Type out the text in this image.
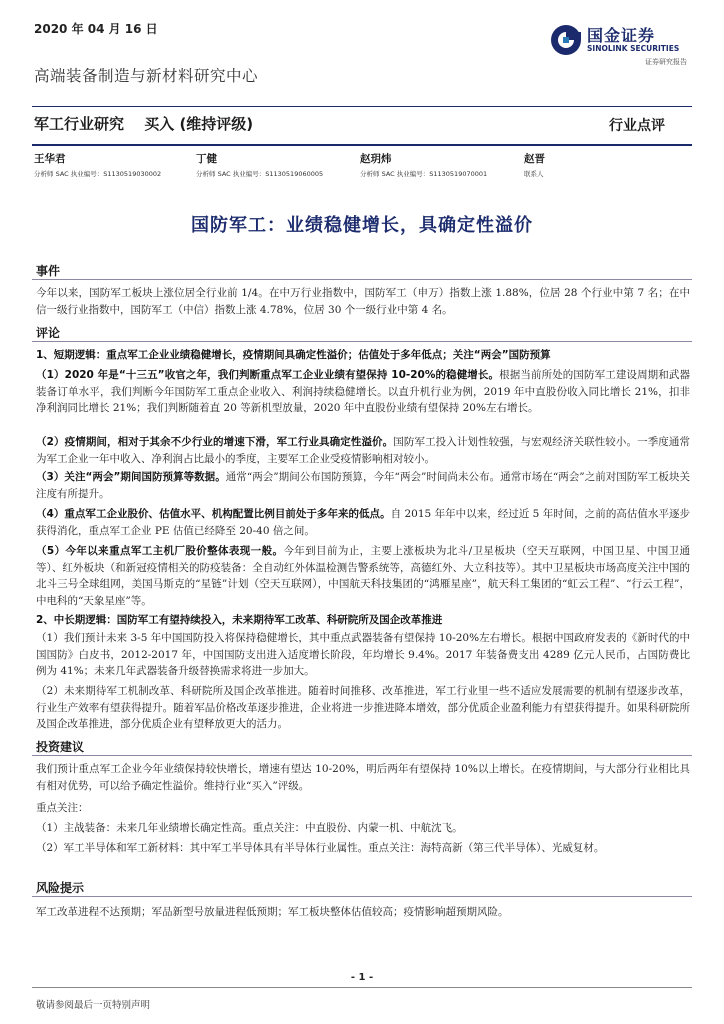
2020 年 04 月 16 日	国金证券
SINOLINK SECURITIES
证券研究报告
高端装备制造与新材料研究中心
军工行业研究　 买入 (维持评级)	行业点评
王华君
分析师 SAC 执业编号：S1130519030002
丁健
分析师 SAC 执业编号：S1130519060005
赵玥炜
分析师 SAC 执业编号：S1130519070001
赵晋
联系人
国防军工：业绩稳健增长，具确定性溢价
事件
今年以来，国防军工板块上涨位居全行业前 1/4。在中万行业指数中，国防军工（申万）指数上涨 1.88%，位居 28 个行业中第 7 名；在中信一级行业指数中，国防军工（中信）指数上涨 4.78%，位居 30 个一级行业中第 4 名。
评论
1、短期逻辑：重点军工企业业绩稳健增长，疫情期间具确定性溢价；估值处于多年低点；关注“两会”国防预算
（1）2020 年是“十三五”收官之年，我们判断重点军工企业业绩有望保持 10-20%的稳健增长。根据当前所处的国防军工建设周期和武器装备订单水平，我们判断今年国防军工重点企业收入、利润持续稳健增长。以直升机行业为例，2019 年中直股份收入同比增长 21%，扣非净利润同比增长 21%；我们判断随着直 20 等新机型放量，2020 年中直股份业绩有望保持 20%左右增长。
（2）疫情期间，相对于其余不少行业的增速下滑，军工行业具确定性溢价。国防军工投入计划性较强，与宏观经济关联性较小。一季度通常为军工企业一年中收入、净利润占比最小的季度，主要军工企业受疫情影响相对较小。
（3）关注“两会”期间国防预算等数据。通常“两会”期间公布国防预算，今年“两会”时间尚未公布。通常市场在“两会”之前对国防军工板块关注度有所提升。
（4）重点军工企业股价、估值水平、机构配置比例目前处于多年来的低点。自 2015 年年中以来，经过近 5 年时间，之前的高估值水平逐步获得消化，重点军工企业 PE 估值已经降至 20-40 倍之间。
（5）今年以来重点军工主机厂股价整体表现一般。今年到目前为止，主要上涨板块为北斗/卫星板块（空天互联网，中国卫星、中国卫通等）、红外板块（和新冠疫情相关的防疫装备：全自动红外体温检测告警系统等，高德红外、大立科技等）。其中卫星板块市场高度关注中国的北斗三号全球组网，美国马斯克的“星链”计划（空天互联网），中国航天科技集团的“鸿雁星座”，航天科工集团的“虹云工程”、“行云工程”，中电科的“天象星座”等。
2、中长期逻辑：国防军工有望持续投入，未来期待军工改革、科研院所及国企改革推进
（1）我们预计未来 3-5 年中国国防投入将保持稳健增长，其中重点武器装备有望保持 10-20%左右增长。根据中国政府发表的《新时代的中国国防》白皮书，2012-2017 年，中国国防支出进入适度增长阶段，年均增长 9.4%。2017 年装备费支出 4289 亿元人民币，占国防费比例为 41%；未来几年武器装备升级替换需求将进一步加大。
（2）未来期待军工机制改革、科研院所及国企改革推进。随着时间推移、改革推进，军工行业里一些不适应发展需要的机制有望逐步改革，行业生产效率有望获得提升。随着军品价格改革逐步推进，企业将进一步推进降本增效，部分优质企业盈利能力有望获得提升。如果科研院所及国企改革推进，部分优质企业有望释放更大的活力。
投资建议
我们预计重点军工企业今年业绩保持较快增长，增速有望达 10-20%，明后两年有望保持 10%以上增长。在疫情期间，与大部分行业相比具有相对优势，可以给予确定性溢价。维持行业“买入”评级。
重点关注：
（1）主战装备：未来几年业绩增长确定性高。重点关注：中直股份、内蒙一机、中航沈飞。
（2）军工半导体和军工新材料：其中军工半导体具有半导体行业属性。重点关注：海特高新（第三代半导体）、光威复材。
风险提示
军工改革进程不达预期；军品新型号放量进程低预期；军工板块整体估值较高；疫情影响超预期风险。
- 1 -
敬请参阅最后一页特别声明
